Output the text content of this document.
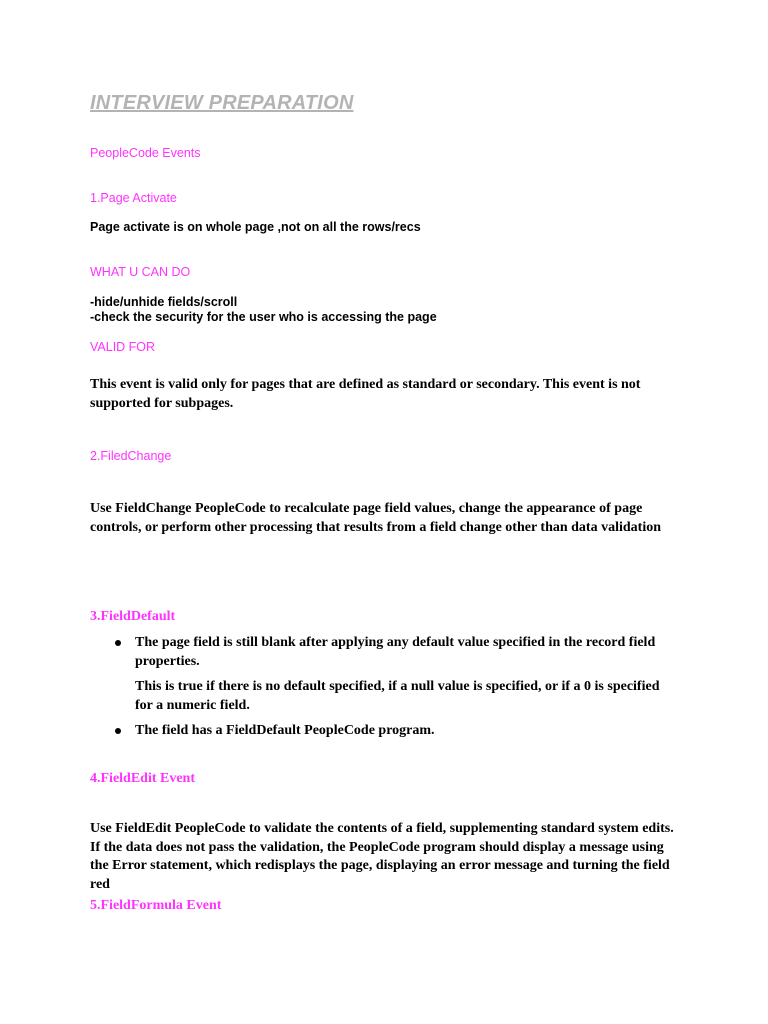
INTERVIEW PREPARATION
PeopleCode Events
1.Page Activate
Page activate is on whole page ,not on all the rows/recs
WHAT U CAN DO
-hide/unhide fields/scroll
-check the security for the user who is accessing the page
VALID FOR
This event is valid only for pages that are defined as standard or secondary. This event is not supported for subpages.
2.FiledChange
Use FieldChange PeopleCode to recalculate page field values, change the appearance of page controls, or perform other processing that results from a field change other than data validation
3.FieldDefault
The page field is still blank after applying any default value specified in the record field properties.
This is true if there is no default specified, if a null value is specified, or if a 0 is specified for a numeric field.
The field has a FieldDefault PeopleCode program.
4.FieldEdit Event
Use FieldEdit PeopleCode to validate the contents of a field, supplementing standard system edits. If the data does not pass the validation, the PeopleCode program should display a message using the Error statement, which redisplays the page, displaying an error message and turning the field red
5.FieldFormula Event
